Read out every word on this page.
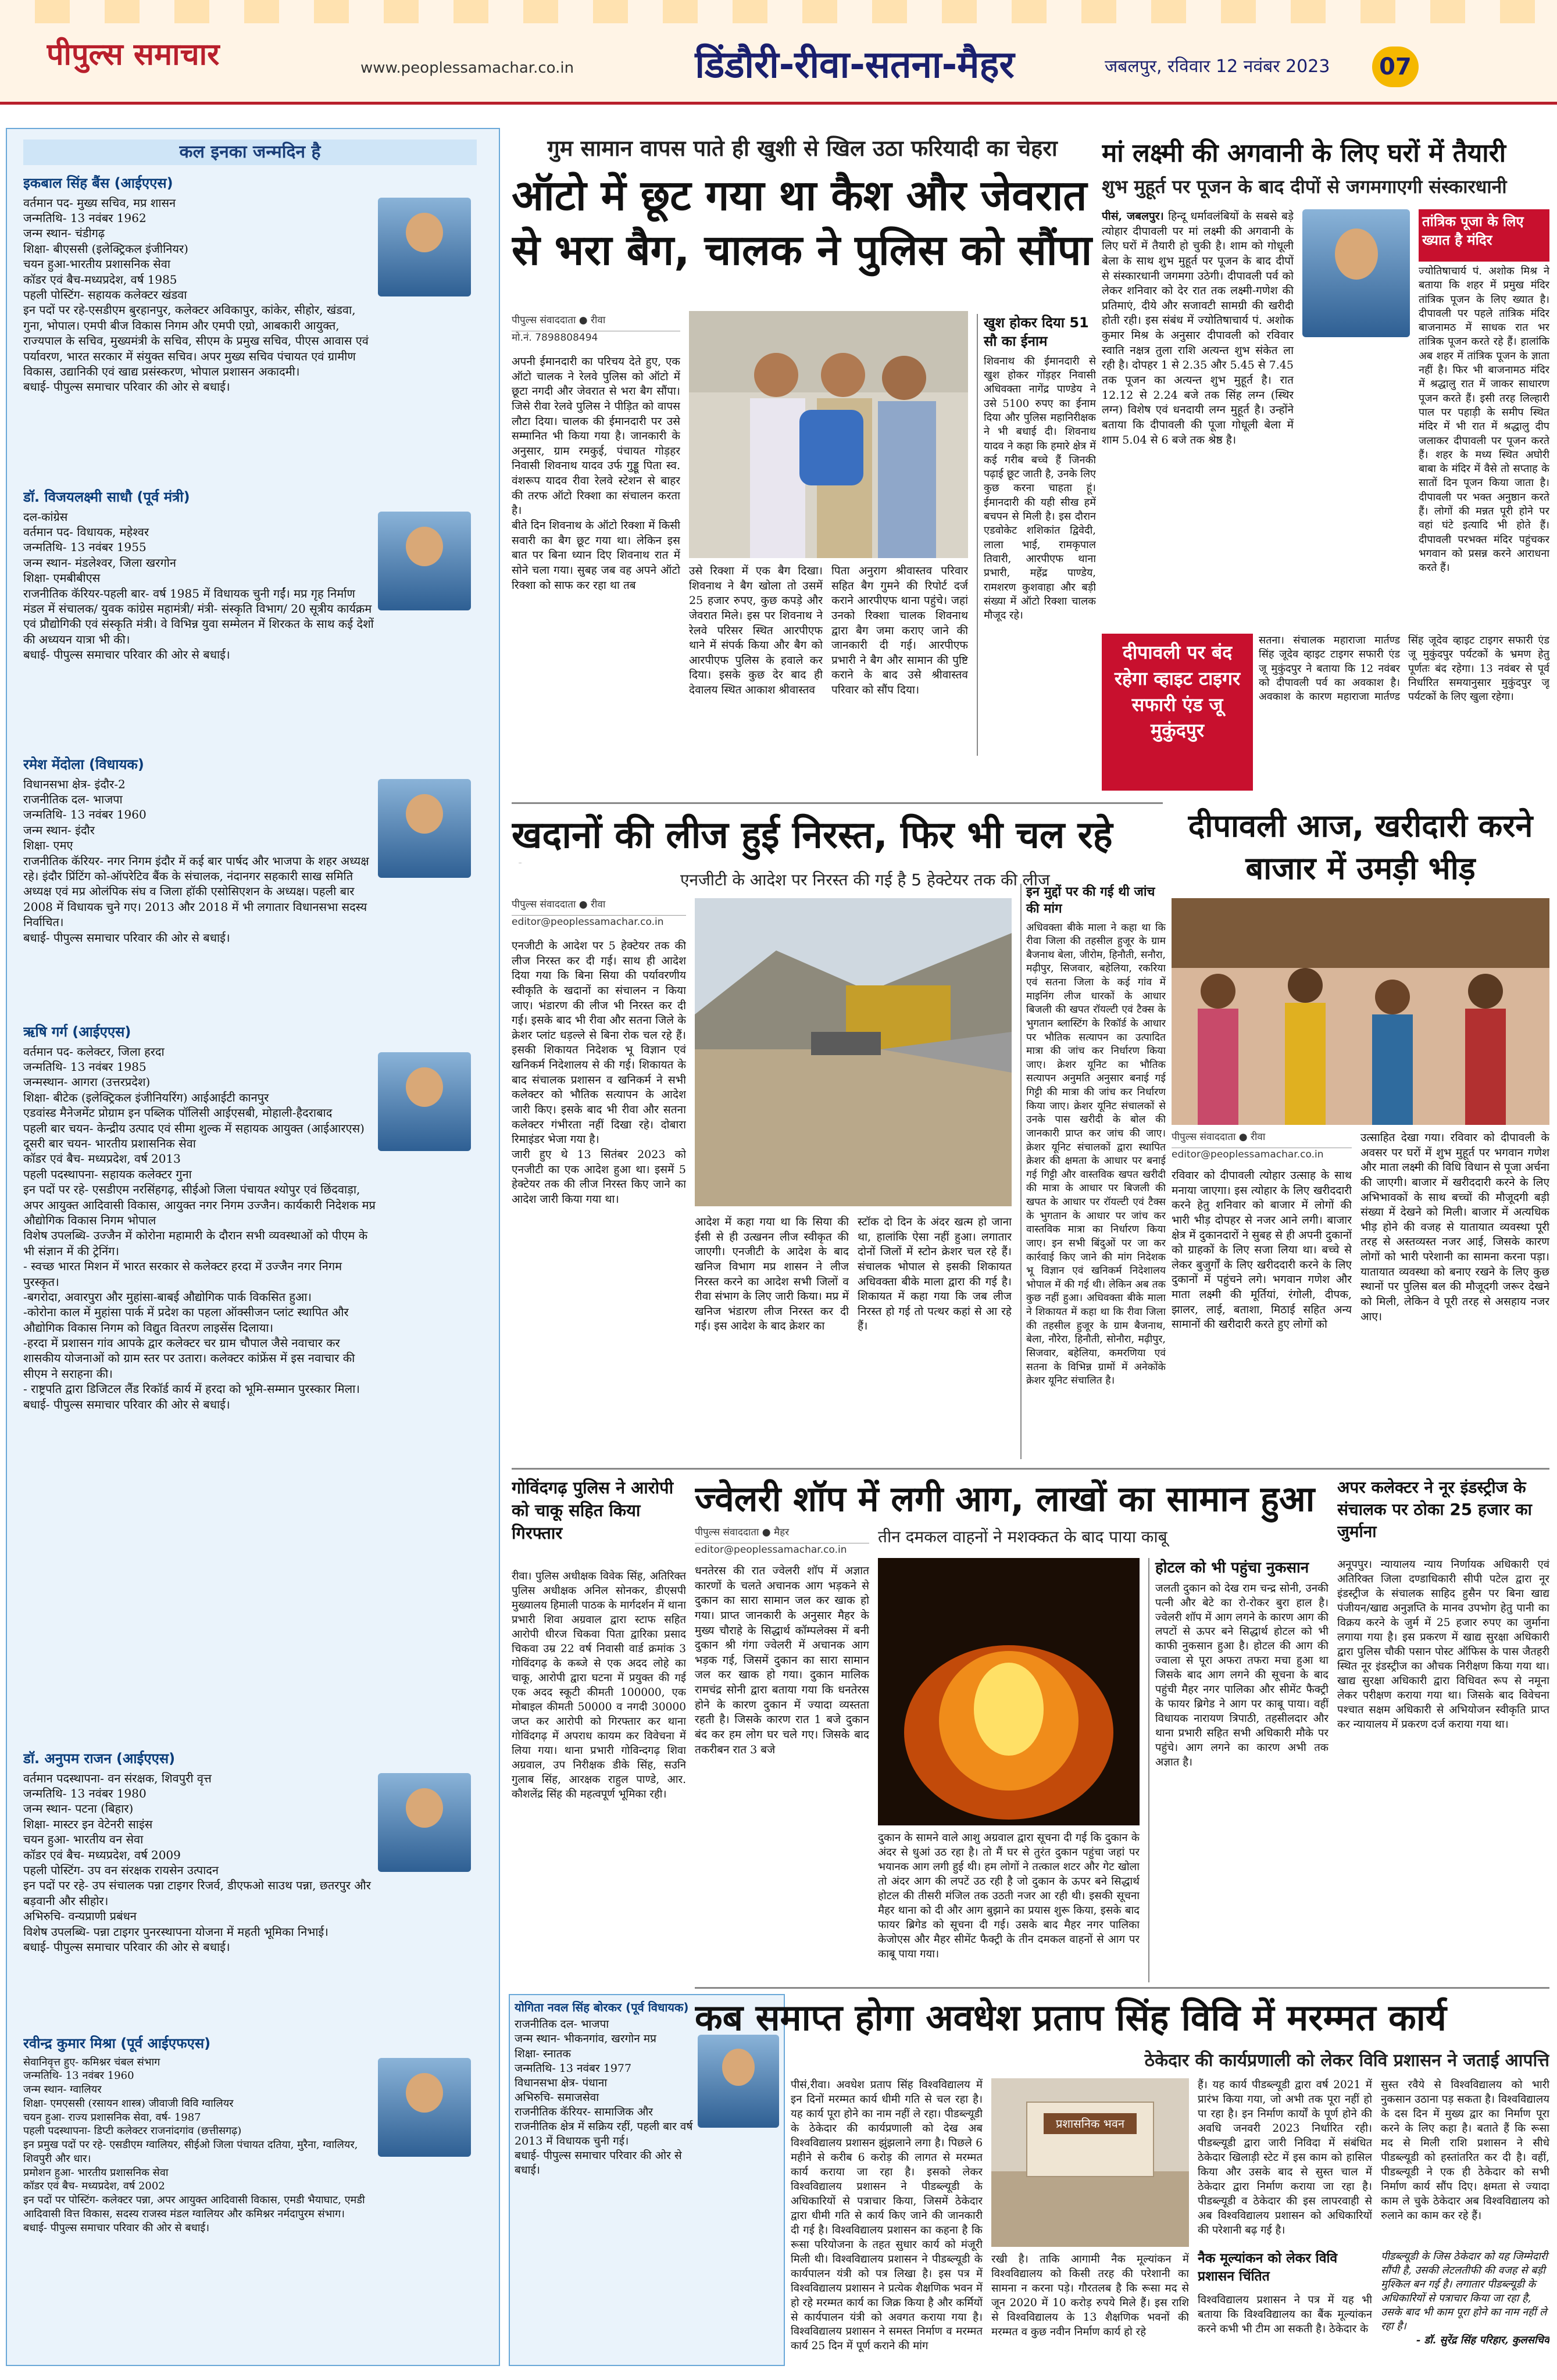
पीपुल्स समाचार	www.peoplessamachar.co.in	डिंडौरी-रीवा-सतना-मैहर	जबलपुर, रविवार 12 नवंबर 2023	07
कल इनका जन्मदिन है
इकबाल सिंह बैंस (आईएएस)

वर्तमान पद- मुख्य सचिव, मप्र शासन
जन्मतिथि- 13 नवंबर 1962
जन्म स्थान- चंडीगढ़
शिक्षा- बीएससी (इलेक्ट्रिकल इंजीनियर)
चयन हुआ-भारतीय प्रशासनिक सेवा
कॉडर एवं बैच-मध्यप्रदेश, वर्ष 1985
पहली पोस्टिंग- सहायक कलेक्टर खंडवा
इन पदों पर रहे-एसडीएम बुरहानपुर, कलेक्टर अविकापुर, कांकेर, सीहोर, खंडवा, गुना, भोपाल। एमपी बीज विकास निगम और एमपी एग्रो, आबकारी आयुक्त, राज्यपाल के सचिव, मुख्यमंत्री के सचिव, सीएम के प्रमुख सचिव, पीएस आवास एवं पर्यावरण, भारत सरकार में संयुक्त सचिव। अपर मुख्य सचिव पंचायत एवं ग्रामीण विकास, उद्यानिकी एवं खाद्य प्रसंस्करण, भोपाल प्रशासन अकादमी।
बधाई- पीपुल्स समाचार परिवार की ओर से बधाई।

डॉ. विजयलक्ष्मी साधौ (पूर्व मंत्री)

दल-कांग्रेस
वर्तमान पद- विधायक, महेश्वर
जन्मतिथि- 13 नवंबर 1955
जन्म स्थान- मंडलेश्वर, जिला खरगोन
शिक्षा- एमबीबीएस
राजनीतिक कॅरियर-पहली बार- वर्ष 1985 में विधायक चुनी गईं। मप्र गृह निर्माण मंडल में संचालक/ युवक कांग्रेस महामंत्री/ मंत्री- संस्कृति विभाग/ 20 सूत्रीय कार्यक्रम एवं प्रौद्योगिकी एवं संस्कृति मंत्री। वे विभिन्न युवा सम्मेलन में शिरकत के साथ कई देशों की अध्ययन यात्रा भी की।
बधाई- पीपुल्स समाचार परिवार की ओर से बधाई।

रमेश मेंदोला (विधायक)

विधानसभा क्षेत्र- इंदौर-2
राजनीतिक दल- भाजपा
जन्मतिथि- 13 नवंबर 1960
जन्म स्थान- इंदौर
शिक्षा- एमए
राजनीतिक कॅरियर- नगर निगम इंदौर में कई बार पार्षद और भाजपा के शहर अध्यक्ष रहे। इंदौर प्रिंटिंग को-ऑपरेटिव बैंक के संचालक, नंदानगर सहकारी साख समिति अध्यक्ष एवं मप्र ओलंपिक संघ व जिला हॉकी एसोसिएशन के अध्यक्ष। पहली बार 2008 में विधायक चुने गए। 2013 और 2018 में भी लगातार विधानसभा सदस्य निर्वाचित।
बधाई- पीपुल्स समाचार परिवार की ओर से बधाई।

ऋषि गर्ग (आईएएस)

वर्तमान पद- कलेक्टर, जिला हरदा
जन्मतिथि- 13 नवंबर 1985
जन्मस्थान- आगरा (उत्तरप्रदेश)
शिक्षा- बीटेक (इलेक्ट्रिकल इंजीनियरिंग) आईआईटी कानपुर
एडवांस्ड मैनेजमेंट प्रोग्राम इन पब्लिक पॉलिसी आईएसबी, मोहाली-हैदराबाद
पहली बार चयन- केन्द्रीय उत्पाद एवं सीमा शुल्क में सहायक आयुक्त (आईआरएस)
दूसरी बार चयन- भारतीय प्रशासनिक सेवा
कॉडर एवं बैच- मध्यप्रदेश, वर्ष 2013
पहली पदस्थापना- सहायक कलेक्टर गुना
इन पदों पर रहे- एसडीएम नरसिंहगढ़, सीईओ जिला पंचायत श्योपुर एवं छिंदवाड़ा, अपर आयुक्त आदिवासी विकास, आयुक्त नगर निगम उज्जैन। कार्यकारी निदेशक मप्र औद्योगिक विकास निगम भोपाल
विशेष उपलब्धि- उज्जैन में कोरोना महामारी के दौरान सभी व्यवस्थाओं को पीएम के भी संज्ञान में की ट्रेनिंग।
- स्वच्छ भारत मिशन में भारत सरकार से कलेक्टर हरदा में उज्जैन नगर निगम पुरस्कृत।
-बगरोदा, अवारपुरा और मुहांसा-बाबई औद्योगिक पार्क विकसित हुआ।
-कोरोना काल में मुहांसा पार्क में प्रदेश का पहला ऑक्सीजन प्लांट स्थापित और औद्योगिक विकास निगम को विद्युत वितरण लाइसेंस दिलाया।
-हरदा में प्रशासन गांव आपके द्वार कलेक्टर चर ग्राम चौपाल जैसे नवाचार कर शासकीय योजनाओं को ग्राम स्तर पर उतारा। कलेक्टर कांफ्रेंस में इस नवाचार की सीएम ने सराहना की।
- राष्ट्रपति द्वारा डिजिटल लैंड रिकॉर्ड कार्य में हरदा को भूमि-सम्मान पुरस्कार मिला।
बधाई- पीपुल्स समाचार परिवार की ओर से बधाई।

डॉ. अनुपम राजन (आईएएस)

वर्तमान पदस्थापना- वन संरक्षक, शिवपुरी वृत्त
जन्मतिथि- 13 नवंबर 1980
जन्म स्थान- पटना (बिहार)
शिक्षा- मास्टर इन वेटेनरी साइंस
चयन हुआ- भारतीय वन सेवा
कॉडर एवं बैच- मध्यप्रदेश, वर्ष 2009
पहली पोस्टिंग- उप वन संरक्षक रायसेन उत्पादन
इन पदों पर रहे- उप संचालक पन्ना टाइगर रिजर्व, डीएफओ साउथ पन्ना, छतरपुर और बड़वानी और सीहोर।
अभिरुचि- वन्यप्राणी प्रबंधन
विशेष उपलब्धि- पन्ना टाइगर पुनरस्थापना योजना में महती भूमिका निभाई।
बधाई- पीपुल्स समाचार परिवार की ओर से बधाई।

रवीन्द्र कुमार मिश्रा (पूर्व आईएफएस)

सेवानिवृत्त हुए- कमिश्नर चंबल संभाग
जन्मतिथि- 13 नवंबर 1960
जन्म स्थान- ग्वालियर
शिक्षा- एमएससी (रसायन शास्त्र) जीवाजी विवि ग्वालियर
चयन हुआ- राज्य प्रशासनिक सेवा, वर्ष- 1987
पहली पदस्थापना- डिप्टी कलेक्टर राजनांदगांव (छत्तीसगढ़)
इन प्रमुख पदों पर रहे- एसडीएम ग्वालियर, सीईओ जिला पंचायत दतिया, मुरैना, ग्वालियर, शिवपुरी और धार।
प्रमोशन हुआ- भारतीय प्रशासनिक सेवा
कॉडर एवं बैच- मध्यप्रदेश, वर्ष 2002
इन पदों पर पोस्टिंग- कलेक्टर पन्ना, अपर आयुक्त आदिवासी विकास, एमडी भैयाघाट, एमडी आदिवासी वित्त विकास, सदस्य राजस्व मंडल ग्वालियर और कमिश्नर नर्मदापुरम संभाग।
बधाई- पीपुल्स समाचार परिवार की ओर से बधाई।

योगिता नवल सिंह बोरकर (पूर्व विधायक)

राजनीतिक दल- भाजपा
जन्म स्थान- भीकनगांव, खरगोन मप्र
शिक्षा- स्नातक
जन्मतिथि- 13 नवंबर 1977
विधानसभा क्षेत्र- पंधाना
अभिरुचि- समाजसेवा
राजनीतिक कॅरियर- सामाजिक और राजनीतिक क्षेत्र में सक्रिय रहीं, पहली बार वर्ष 2013 में विधायक चुनी गई।
बधाई- पीपुल्स समाचार परिवार की ओर से बधाई।

गुम सामान वापस पाते ही खुशी से खिल उठा फरियादी का चेहरा
ऑटो में छूट गया था कैश और जेवरात से भरा बैग, चालक ने पुलिस को सौंपा
पीपुल्स संवाददाता ● रीवा
मो.नं. 7898808494
अपनी ईमानदारी का परिचय देते हुए, एक ऑटो चालक ने रेलवे पुलिस को ऑटो में छूटा नगदी और जेवरात से भरा बैग सौंपा। जिसे रीवा रेलवे पुलिस ने पीड़ित को वापस लौटा दिया। चालक की ईमानदारी पर उसे सम्मानित भी किया गया है। जानकारी के अनुसार, ग्राम रमकुई, पंचायत गोड़हर निवासी शिवनाथ यादव उर्फ गुड्डू पिता स्व. वंशरूप यादव रीवा रेलवे स्टेशन से बाहर की तरफ ऑटो रिक्शा का संचालन करता है।
बीते दिन शिवनाथ के ऑटो रिक्शा में किसी सवारी का बैग छूट गया था। लेकिन इस बात पर बिना ध्यान दिए शिवनाथ रात में सोने चला गया। सुबह जब वह अपने ऑटो रिक्शा को साफ कर रहा था तब
उसे रिक्शा में एक बैग दिखा। शिवनाथ ने बैग खोला तो उसमें 25 हजार रुपए, कुछ कपड़े और जेवरात मिले। इस पर शिवनाथ ने रेलवे परिसर स्थित आरपीएफ थाने में संपर्क किया और बैग को आरपीएफ पुलिस के हवाले कर दिया। इसके कुछ देर बाद ही देवालय स्थित आकाश श्रीवास्तव
पिता अनुराग श्रीवास्तव परिवार सहित बैग गुमने की रिपोर्ट दर्ज कराने आरपीएफ थाना पहुंचे। जहां उनको रिक्शा चालक शिवनाथ द्वारा बैग जमा कराए जाने की जानकारी दी गई। आरपीएफ प्रभारी ने बैग और सामान की पुष्टि कराने के बाद उसे श्रीवास्तव परिवार को सौंप दिया।
खुश होकर दिया 51 सौ का ईनाम
शिवनाथ की ईमानदारी से खुश होकर गोंड़हर निवासी अधिवक्ता नागेंद्र पाण्डेय ने उसे 5100 रुपए का ईनाम दिया और पुलिस महानिरीक्षक ने भी बधाई दी। शिवनाथ यादव ने कहा कि हमारे क्षेत्र में कई गरीब बच्चे हैं जिनकी पढ़ाई छूट जाती है, उनके लिए कुछ करना चाहता हूं। ईमानदारी की यही सीख हमें बचपन से मिली है। इस दौरान एडवोकेट शशिकांत द्विवेदी, लाला भाई, रामकृपाल तिवारी, आरपीएफ थाना प्रभारी, महेंद्र पाण्डेय, रामशरण कुशवाहा और बड़ी संख्या में ऑटो रिक्शा चालक मौजूद रहे।
मां लक्ष्मी की अगवानी के लिए घरों में तैयारी
शुभ मुहूर्त पर पूजन के बाद दीपों से जगमगाएगी संस्कारधानी
पीसं, जबलपुर। हिन्दू धर्मावलंबियों के सबसे बड़े त्योहार दीपावली पर मां लक्ष्मी की अगवानी के लिए घरों में तैयारी हो चुकी है। शाम को गोधूली बेला के साथ शुभ मुहूर्त पर पूजन के बाद दीपों से संस्कारधानी जगमगा उठेगी। दीपावली पर्व को लेकर शनिवार को देर रात तक लक्ष्मी-गणेश की प्रतिमाएं, दीये और सजावटी सामग्री की खरीदी होती रही। इस संबंध में ज्योतिषाचार्य पं. अशोक कुमार मिश्र के अनुसार दीपावली को रविवार स्वाति नक्षत्र तुला राशि अत्यन्त शुभ संकेत ला रही है। दोपहर 1 से 2.35 और 5.45 से 7.45 तक पूजन का अत्यन्त शुभ मुहूर्त है। रात 12.12 से 2.24 बजे तक सिंह लग्न (स्थिर लग्न) विशेष एवं धनदायी लग्न मुहूर्त है। उन्होंने बताया कि दीपावली की पूजा गोधूली बेला में शाम 5.04 से 6 बजे तक श्रेष्ठ है।
तांत्रिक पूजा के लिए ख्यात है मंदिर
ज्योतिषाचार्य पं. अशोक मिश्र ने बताया कि शहर में प्रमुख मंदिर तांत्रिक पूजन के लिए ख्यात है। दीपावली पर पहले तांत्रिक मंदिर बाजनामठ में साधक रात भर तांत्रिक पूजन करते रहे हैं। हालांकि अब शहर में तांत्रिक पूजन के ज्ञाता नहीं है। फिर भी बाजनामठ मंदिर में श्रद्धालु रात में जाकर साधारण पूजन करते हैं। इसी तरह लिल्हारी पाल पर पहाड़ी के समीप स्थित मंदिर में भी रात में श्रद्धालु दीप जलाकर दीपावली पर पूजन करते हैं। शहर के मध्य स्थित अघोरी बाबा के मंदिर में वैसे तो सप्ताह के सातों दिन पूजन किया जाता है। दीपावली पर भक्त अनुष्ठान करते हैं। लोगों की मन्नत पूरी होने पर वहां घंटे इत्यादि भी होते हैं। दीपावली परभक्त मंदिर पहुंचकर भगवान को प्रसन्न करने आराधना करते हैं।
दीपावली पर बंद रहेगा व्हाइट टाइगर सफारी एंड जू मुकुंदपुर
सतना। संचालक महाराजा मार्तण्ड सिंह जूदेव व्हाइट टाइगर सफारी एंड जू मुकुंदपुर ने बताया कि 12 नवंबर को दीपावली पर्व का अवकाश है। अवकाश के कारण महाराजा मार्तण्ड सिंह जूदेव व्हाइट टाइगर सफारी एंड जू मुकुंदपुर पर्यटकों के भ्रमण हेतु पूर्णतः बंद रहेगा। 13 नवंबर से पूर्व निर्धारित समयानुसार मुकुंदपुर जू पर्यटकों के लिए खुला रहेगा।
खदानों की लीज हुई निरस्त, फिर भी चल रहे
एनजीटी के आदेश पर निरस्त की गई है 5 हेक्टेयर तक की लीज
पीपुल्स संवाददाता ● रीवा
editor@peoplessamachar.co.in
एनजीटी के आदेश पर 5 हेक्टेयर तक की लीज निरस्त कर दी गई। साथ ही आदेश दिया गया कि बिना सिया की पर्यावरणीय स्वीकृति के खदानों का संचालन न किया जाए। भंडारण की लीज भी निरस्त कर दी गई। इसके बाद भी रीवा और सतना जिले के क्रेशर प्लांट धड़ल्ले से बिना रोक चल रहे हैं। इसकी शिकायत निदेशक भू विज्ञान एवं खनिकर्म निदेशालय से की गई। शिकायत के बाद संचालक प्रशासन व खनिकर्म ने सभी कलेक्टर को भौतिक सत्यापन के आदेश जारी किए। इसके बाद भी रीवा और सतना कलेक्टर गंभीरता नहीं दिखा रहे। दोबारा रिमाइंडर भेजा गया है।
जारी हुए थे 13 सितंबर 2023 को एनजीटी का एक आदेश हुआ था। इसमें 5 हेक्टेयर तक की लीज निरस्त किए जाने का आदेश जारी किया गया था।
आदेश में कहा गया था कि सिया की ईसी से ही उत्खनन लीज स्वीकृत की जाएगी। एनजीटी के आदेश के बाद खनिज विभाग मप्र शासन ने लीज निरस्त करने का आदेश सभी जिलों व रीवा संभाग के लिए जारी किया। मप्र में खनिज भंडारण लीज निरस्त कर दी गई। इस आदेश के बाद क्रेशर का
स्टॉक दो दिन के अंदर खत्म हो जाना था, हालांकि ऐसा नहीं हुआ। लगातार दोनों जिलों में स्टोन क्रेशर चल रहे हैं। संचालक भोपाल से इसकी शिकायत अधिवक्ता बीके माला द्वारा की गई है। शिकायत में कहा गया कि जब लीज निरस्त हो गई तो पत्थर कहां से आ रहे हैं।
इन मुद्दों पर की गई थी जांच की मांग
अधिवक्ता बीके माला ने कहा था कि रीवा जिला की तहसील हुजूर के ग्राम बैजनाथ बेला, जीरोम, हिनौती, सनौरा, मढ़ीपुर, सिजवार, बहेलिया, रकरिया एवं सतना जिला के कई गांव में माइनिंग लीज धारकों के आधार बिजली की खपत रॉयल्टी एवं टैक्स के भुगतान ब्लास्टिंग के रिकॉर्ड के आधार पर भौतिक सत्यापन का उत्पादित मात्रा की जांच कर निर्धारण किया जाए। क्रेशर यूनिट का भौतिक सत्यापन अनुमति अनुसार बनाई गई गिट्टी की मात्रा की जांच कर निर्धारण किया जाए। क्रेशर यूनिट संचालकों से उनके पास खरीदी के बोल की जानकारी प्राप्त कर जांच की जाए। क्रेशर यूनिट संचालकों द्वारा स्थापित क्रेशर की क्षमता के आधार पर बनाई गई गिट्टी और वास्तविक खपत खरीदी की मात्रा के आधार पर बिजली की खपत के आधार पर रॉयल्टी एवं टैक्स के भुगतान के आधार पर जांच कर वास्तविक मात्रा का निर्धारण किया जाए। इन सभी बिंदुओं पर जा कर कार्रवाई किए जाने की मांग निदेशक भू विज्ञान एवं खनिकर्म निदेशालय भोपाल में की गई थी। लेकिन अब तक कुछ नहीं हुआ। अधिवक्ता बीके माला ने शिकायत में कहा था कि रीवा जिला की तहसील हुजूर के ग्राम बैजनाथ, बेला, नौरेरा, हिनौती, सोनौरा, मढ़ीपुर, सिजवार, बहेलिया, कमरणिया एवं सतना के विभिन्न ग्रामों में अनेकोंके क्रेशर यूनिट संचालित है।
दीपावली आज, खरीदारी करने बाजार में उमड़ी भीड़
पीपुल्स संवाददाता ● रीवा
editor@peoplessamachar.co.in
रविवार को दीपावली त्योहार उत्साह के साथ मनाया जाएगा। इस त्योहार के लिए खरीददारी करने हेतु शनिवार को बाजार में लोगों की भारी भीड़ दोपहर से नजर आने लगी। बाजार क्षेत्र में दुकानदारों ने सुबह से ही अपनी दुकानों को ग्राहकों के लिए सजा लिया था। बच्चे से लेकर बुजुर्गों के लिए खरीददारी करने के लिए दुकानों में पहुंचने लगे। भगवान गणेश और माता लक्ष्मी की मूर्तियां, रंगोली, दीपक, झालर, लाई, बताशा, मिठाई सहित अन्य सामानों की खरीदारी करते हुए लोगों को
उत्साहित देखा गया। रविवार को दीपावली के अवसर पर घरों में शुभ मुहूर्त पर भगवान गणेश और माता लक्ष्मी की विधि विधान से पूजा अर्चना की जाएगी। बाजार में खरीददारी करने के लिए अभिभावकों के साथ बच्चों की मौजूदगी बड़ी संख्या में देखने को मिली। बाजार में अत्यधिक भीड़ होने की वजह से यातायात व्यवस्था पूरी तरह से अस्तव्यस्त नजर आई, जिसके कारण लोगों को भारी परेशानी का सामना करना पड़ा। यातायात व्यवस्था को बनाए रखने के लिए कुछ स्थानों पर पुलिस बल की मौजूदगी जरूर देखने को मिली, लेकिन वे पूरी तरह से असहाय नजर आए।
गोविंदगढ़ पुलिस ने आरोपी को चाकू सहित किया गिरफ्तार
रीवा। पुलिस अधीक्षक विवेक सिंह, अतिरिक्त पुलिस अधीक्षक अनिल सोनकर, डीएसपी मुख्यालय हिमाली पाठक के मार्गदर्शन में थाना प्रभारी शिवा अग्रवाल द्वारा स्टाफ सहित आरोपी धीरज चिकवा पिता द्वारिका प्रसाद चिकवा उम्र 22 वर्ष निवासी वार्ड क्रमांक 3 गोविंदगढ़ के कब्जे से एक अदद लोहे का चाकू, आरोपी द्वारा घटना में प्रयुक्त की गई एक अदद स्कूटी कीमती 100000, एक मोबाइल कीमती 50000 व नगदी 30000 जप्त कर आरोपी को गिरफ्तार कर थाना गोविंदगढ़ में अपराध कायम कर विवेचना में लिया गया। थाना प्रभारी गोविन्दगढ़ शिवा अग्रवाल, उप निरीक्षक डीके सिंह, सउनि गुलाब सिंह, आरक्षक राहुल पाण्डे, आर. कौशलेंद्र सिंह की महत्वपूर्ण भूमिका रही।
ज्वेलरी शॉप में लगी आग, लाखों का सामान हुआ
तीन दमकल वाहनों ने मशक्कत के बाद पाया काबू
पीपुल्स संवाददाता ● मैहर
editor@peoplessamachar.co.in
धनतेरस की रात ज्वेलरी शॉप में अज्ञात कारणों के चलते अचानक आग भड़कने से दुकान का सारा सामान जल कर खाक हो गया। प्राप्त जानकारी के अनुसार मैहर के मुख्य चौराहे के सिद्धार्थ कॉम्पलेक्स में बनी दुकान श्री गंगा ज्वेलरी में अचानक आग भड़क गई, जिसमें दुकान का सारा सामान जल कर खाक हो गया। दुकान मालिक रामचंद्र सोनी द्वारा बताया गया कि धनतेरस होने के कारण दुकान में ज्यादा व्यस्तता रहती है। जिसके कारण रात 1 बजे दुकान बंद कर हम लोग घर चले गए। जिसके बाद तकरीबन रात 3 बजे
दुकान के सामने वाले आशु अग्रवाल द्वारा सूचना दी गई कि दुकान के अंदर से धुआं उठ रहा है। तो मैं घर से तुरंत दुकान पहुंचा जहां पर भयानक आग लगी हुई थी। हम लोगों ने तत्काल शटर और गेट खोला तो अंदर आग की लपटें उठ रही है जो दुकान के ऊपर बने सिद्धार्थ होटल की तीसरी मंजिल तक उठती नजर आ रही थी। इसकी सूचना मैहर थाना को दी और आग बुझाने का प्रयास शुरू किया, इसके बाद फायर ब्रिगेड को सूचना दी गई। उसके बाद मैहर नगर पालिका केजोएस और मैहर सीमेंट फैक्ट्री के तीन दमकल वाहनों से आग पर काबू पाया गया।
होटल को भी पहुंचा नुकसान
जलती दुकान को देख राम चन्द्र सोनी, उनकी पत्नी और बेटे का रो-रोकर बुरा हाल है। ज्वेलरी शॉप में आग लगने के कारण आग की लपटों से ऊपर बने सिद्धार्थ होटल को भी काफी नुकसान हुआ है। होटल की आग की ज्वाला से पूरा अफरा तफरा मचा हुआ था जिसके बाद आग लगने की सूचना के बाद पहुंची मैहर नगर पालिका और सीमेंट फैक्ट्री के फायर ब्रिगेड ने आग पर काबू पाया। वहीं विधायक नारायण त्रिपाठी, तहसीलदार और थाना प्रभारी सहित सभी अधिकारी मौके पर पहुंचे। आग लगने का कारण अभी तक अज्ञात है।
अपर कलेक्टर ने नूर इंडस्ट्रीज के संचालक पर ठोका 25 हजार का जुर्माना
अनूपपुर। न्यायालय न्याय निर्णायक अधिकारी एवं अतिरिक्त जिला दण्डाधिकारी सीपी पटेल द्वारा नूर इंडस्ट्रीज के संचालक साहिद हुसैन पर बिना खाद्य पंजीयन/खाद्य अनुज्ञप्ति के मानव उपभोग हेतु पानी का विक्रय करने के जुर्म में 25 हजार रुपए का जुर्माना लगाया गया है। इस प्रकरण में खाद्य सुरक्षा अधिकारी द्वारा पुलिस चौकी पसान पोस्ट ऑफिस के पास जैतहरी स्थित नूर इंडस्ट्रीज का औचक निरीक्षण किया गया था। खाद्य सुरक्षा अधिकारी द्वारा विधिवत रूप से नमूना लेकर परीक्षण कराया गया था। जिसके बाद विवेचना पश्चात सक्षम अधिकारी से अभियोजन स्वीकृति प्राप्त कर न्यायालय में प्रकरण दर्ज कराया गया था।
कब समाप्त होगा अवधेश प्रताप सिंह विवि में मरम्मत कार्य
ठेकेदार की कार्यप्रणाली को लेकर विवि प्रशासन ने जताई आपत्ति
पीसं,रीवा। अवधेश प्रताप सिंह विश्वविद्यालय में इन दिनों मरम्मत कार्य धीमी गति से चल रहा है। यह कार्य पूरा होने का नाम नहीं ले रहा। पीडब्ल्यूडी के ठेकेदार की कार्यप्रणाली को देख अब विश्वविद्यालय प्रशासन झुंझलाने लगा है। पिछले 6 महीने से करीब 6 करोड़ की लागत से मरम्मत कार्य कराया जा रहा है। इसको लेकर विश्वविद्यालय प्रशासन ने पीडब्ल्यूडी के अधिकारियों से पत्राचार किया, जिसमें ठेकेदार द्वारा धीमी गति से कार्य किए जाने की जानकारी दी गई है। विश्वविद्यालय प्रशासन का कहना है कि रूसा परियोजना के तहत सुधार कार्य को मंजूरी मिली थी। विश्वविद्यालय प्रशासन ने पीडब्ल्यूडी के कार्यपालन यंत्री को पत्र लिखा है। इस पत्र में विश्वविद्यालय प्रशासन ने प्रत्येक शैक्षणिक भवन में हो रहे मरम्मत कार्य का जिक्र किया है और कर्मियों से कार्यपालन यंत्री को अवगत कराया गया है। विश्वविद्यालय प्रशासन ने समस्त निर्माण व मरम्मत कार्य 25 दिन में पूर्ण कराने की मांग
प्रशासनिक भवन
रखी है। ताकि आगामी नैक मूल्यांकन में विश्वविद्यालय को किसी तरह की परेशानी का सामना न करना पड़े। गौरतलब है कि रूसा मद से जून 2020 में 10 करोड़ रुपये मिले हैं। इस राशि से विश्वविद्यालय के 13 शैक्षणिक भवनों की मरम्मत व कुछ नवीन निर्माण कार्य हो रहे
हैं। यह कार्य पीडब्ल्यूडी द्वारा वर्ष 2021 में प्रारंभ किया गया, जो अभी तक पूरा नहीं हो पा रहा है। इन निर्माण कार्यों के पूर्ण होने की अवधि जनवरी 2023 निर्धारित रही। पीडब्ल्यूडी द्वारा जारी निविदा में संबंधित ठेकेदार खिलाड़ी स्टेट में इस काम को हासिल किया और उसके बाद से सुस्त चाल में ठेकेदार द्वारा निर्माण कराया जा रहा है। पीडब्ल्यूडी व ठेकेदार की इस लापरवाही से अब विश्वविद्यालय प्रशासन को अधिकारियों की परेशानी बढ़ गई है।
नैक मूल्यांकन को लेकर विवि प्रशासन चिंतित
विश्वविद्यालय प्रशासन ने पत्र में यह भी बताया कि विश्वविद्यालय का बैंक मूल्यांकन करने कभी भी टीम आ सकती है। ठेकेदार के
सुस्त रवैये से विश्वविद्यालय को भारी नुकसान उठाना पड़ सकता है। विश्वविद्यालय के दस दिन में मुख्य द्वार का निर्माण पूरा करने के लिए कहा है। बताते हैं कि रूसा मद से मिली राशि प्रशासन ने सीधे पीडब्ल्यूडी को हस्तांतरित कर दी है। वहीं, पीडब्ल्यूडी ने एक ही ठेकेदार को सभी निर्माण कार्य सौंप दिए। क्षमता से ज्यादा काम ले चुके ठेकेदार अब विश्वविद्यालय को रुलाने का काम कर रहे हैं।
पीडब्ल्यूडी के जिस ठेकेदार को यह जिम्मेदारी सौंपी है, उसकी लेटलतीफी की वजह से बड़ी मुश्किल बन गई है। लगातार पीडब्ल्यूडी के अधिकारियों से पत्राचार किया जा रहा है, उसके बाद भी काम पूरा होने का नाम नहीं ले रहा है।
- डॉ. सुरेंद्र सिंह परिहार, कुलसचिव
